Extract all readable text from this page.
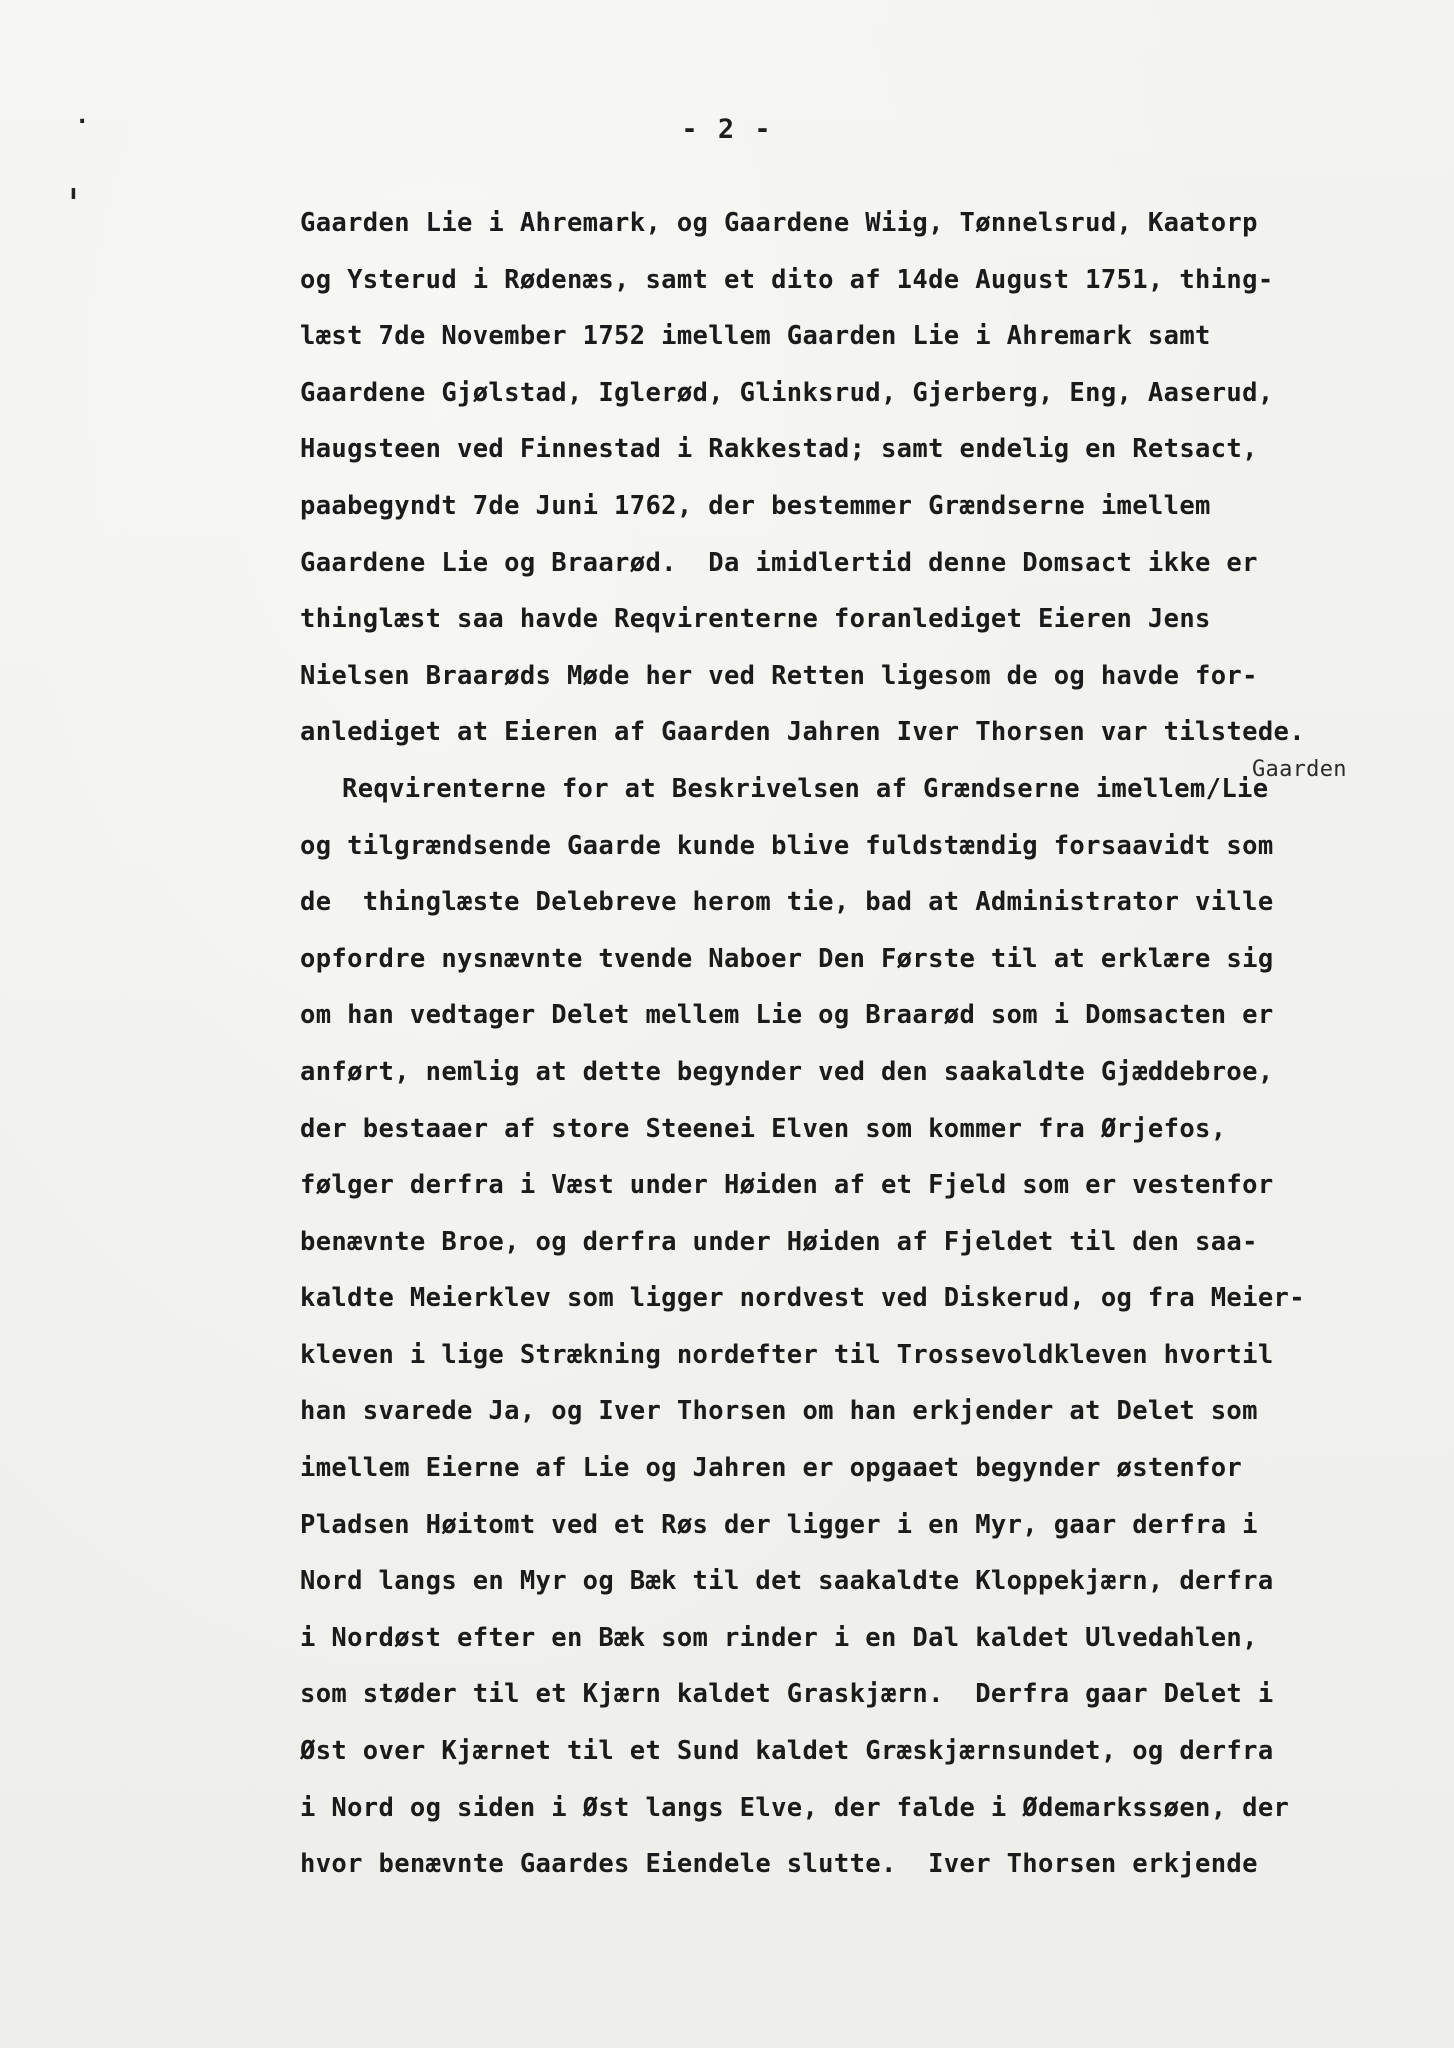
.
ı
- 2 -
Gaarden
Gaarden Lie i Ahremark, og Gaardene Wiig, Tønnelsrud, Kaatorp
og Ysterud i Rødenæs, samt et dito af 14de August 1751, thing-
læst 7de November 1752 imellem Gaarden Lie i Ahremark samt
Gaardene Gjølstad, Iglerød, Glinksrud, Gjerberg, Eng, Aaserud,
Haugsteen ved Finnestad i Rakkestad; samt endelig en Retsact,
paabegyndt 7de Juni 1762, der bestemmer Grændserne imellem
Gaardene Lie og Braarød.  Da imidlertid denne Domsact ikke er
thinglæst saa havde Reqvirenterne foranlediget Eieren Jens
Nielsen Braarøds Møde her ved Retten ligesom de og havde for-
anlediget at Eieren af Gaarden Jahren Iver Thorsen var tilstede.
Reqvirenterne for at Beskrivelsen af Grændserne imellem/Lie
og tilgrændsende Gaarde kunde blive fuldstændig forsaavidt som
de  thinglæste Delebreve herom tie, bad at Administrator ville
opfordre nysnævnte tvende Naboer Den Første til at erklære sig
om han vedtager Delet mellem Lie og Braarød som i Domsacten er
anført, nemlig at dette begynder ved den saakaldte Gjæddebroe,
der bestaaer af store Steenei Elven som kommer fra Ørjefos,
følger derfra i Væst under Høiden af et Fjeld som er vestenfor
benævnte Broe, og derfra under Høiden af Fjeldet til den saa-
kaldte Meierklev som ligger nordvest ved Diskerud, og fra Meier-
kleven i lige Strækning nordefter til Trossevoldkleven hvortil
han svarede Ja, og Iver Thorsen om han erkjender at Delet som
imellem Eierne af Lie og Jahren er opgaaet begynder østenfor
Pladsen Høitomt ved et Røs der ligger i en Myr, gaar derfra i
Nord langs en Myr og Bæk til det saakaldte Kloppekjærn, derfra
i Nordøst efter en Bæk som rinder i en Dal kaldet Ulvedahlen,
som støder til et Kjærn kaldet Graskjærn.  Derfra gaar Delet i
Øst over Kjærnet til et Sund kaldet Græskjærnsundet, og derfra
i Nord og siden i Øst langs Elve, der falde i Ødemarkssøen, der
hvor benævnte Gaardes Eiendele slutte.  Iver Thorsen erkjende
